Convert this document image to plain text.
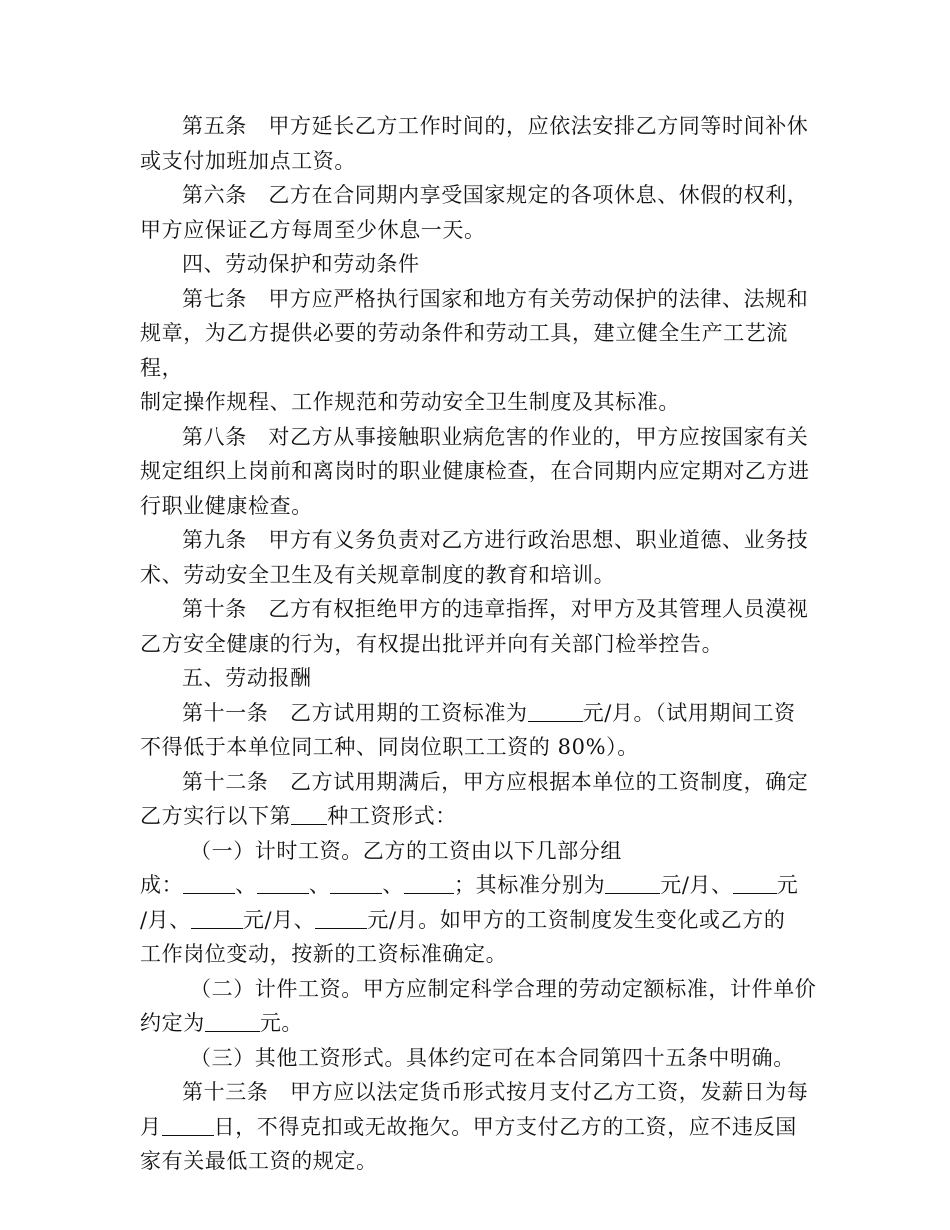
第五条　甲方延长乙方工作时间的，应依法安排乙方同等时间补休

或支付加班加点工资。

第六条　乙方在合同期内享受国家规定的各项休息、休假的权利，

甲方应保证乙方每周至少休息一天。

四、劳动保护和劳动条件

第七条　甲方应严格执行国家和地方有关劳动保护的法律、法规和

规章，为乙方提供必要的劳动条件和劳动工具，建立健全生产工艺流程，

制定操作规程、工作规范和劳动安全卫生制度及其标准。

第八条　对乙方从事接触职业病危害的作业的，甲方应按国家有关

规定组织上岗前和离岗时的职业健康检查，在合同期内应定期对乙方进

行职业健康检查。

第九条　甲方有义务负责对乙方进行政治思想、职业道德、业务技

术、劳动安全卫生及有关规章制度的教育和培训。

第十条　乙方有权拒绝甲方的违章指挥，对甲方及其管理人员漠视

乙方安全健康的行为，有权提出批评并向有关部门检举控告。

五、劳动报酬

第十一条　乙方试用期的工资标准为	元/月。（试用期间工资

不得低于本单位同工种、同岗位职工工资的 80%）。

第十二条　乙方试用期满后，甲方应根据本单位的工资制度，确定

乙方实行以下第 种工资形式：

（一）计时工资。乙方的工资由以下几部分组

成： 、 、 、 ；其标准分别为	元/月、 元

/月、 元/月、 元/月。如甲方的工资制度发生变化或乙方的

工作岗位变动，按新的工资标准确定。

（二）计件工资。甲方应制定科学合理的劳动定额标准，计件单价

约定为	元。

（三）其他工资形式。具体约定可在本合同第四十五条中明确。

第十三条　甲方应以法定货币形式按月支付乙方工资，发薪日为每

月 日，不得克扣或无故拖欠。甲方支付乙方的工资，应不违反国

家有关最低工资的规定。
